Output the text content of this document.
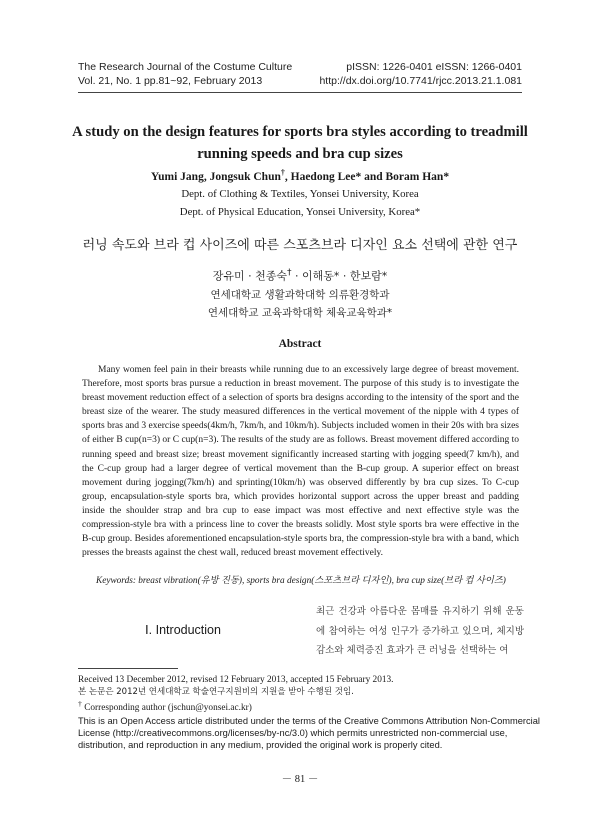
The Research Journal of the Costume Culture
Vol. 21, No. 1 pp.81~92, February 2013
pISSN: 1226-0401 eISSN: 1266-0401
http://dx.doi.org/10.7741/rjcc.2013.21.1.081
A study on the design features for sports bra styles according to treadmill running speeds and bra cup sizes
Yumi Jang, Jongsuk Chun†, Haedong Lee* and Boram Han*
Dept. of Clothing & Textiles, Yonsei University, Korea
Dept. of Physical Education, Yonsei University, Korea*
러닝 속도와 브라 컵 사이즈에 따른 스포츠브라 디자인 요소 선택에 관한 연구
장유미 · 천종숙† · 이해동* · 한보람*
연세대학교 생활과학대학 의류환경학과
연세대학교 교육과학대학 체육교육학과*
Abstract
Many women feel pain in their breasts while running due to an excessively large degree of breast movement. Therefore, most sports bras pursue a reduction in breast movement. The purpose of this study is to investigate the breast movement reduction effect of a selection of sports bra designs according to the intensity of the sport and the breast size of the wearer. The study measured differences in the vertical movement of the nipple with 4 types of sports bras and 3 exercise speeds(4km/h, 7km/h, and 10km/h). Subjects included women in their 20s with bra sizes of either B cup(n=3) or C cup(n=3). The results of the study are as follows. Breast movement differed according to running speed and breast size; breast movement significantly increased starting with jogging speed(7 km/h), and the C-cup group had a larger degree of vertical movement than the B-cup group. A superior effect on breast movement during jogging(7km/h) and sprinting(10km/h) was observed differently by bra cup sizes. To C-cup group, encapsulation-style sports bra, which provides horizontal support across the upper breast and padding inside the shoulder strap and bra cup to ease impact was most effective and next effective style was the compression-style bra with a princess line to cover the breasts solidly. Most style sports bra were effective in the B-cup group. Besides aforementioned encapsulation-style sports bra, the compression-style bra with a band, which presses the breasts against the chest wall, reduced breast movement effectively.
Keywords: breast vibration(유방 진동), sports bra design(스포츠브라 디자인), bra cup size(브라 컵 사이즈)
Ⅰ. Introduction
최근 건강과 아름다운 몸매를 유지하기 위해 운동에 참여하는 여성 인구가 증가하고 있으며, 체지방 감소와 체력증진 효과가 큰 러닝을 선택하는 여
Received 13 December 2012, revised 12 February 2013, accepted 15 February 2013.
본 논문은 2012년 연세대학교 학술연구지원비의 지원을 받아 수행된 것임.
† Corresponding author (jschun@yonsei.ac.kr)
This is an Open Access article distributed under the terms of the Creative Commons Attribution Non-Commercial License (http://creativecommons.org/licenses/by-nc/3.0) which permits unrestricted non-commercial use, distribution, and reproduction in any medium, provided the original work is properly cited.
－ 81 －
